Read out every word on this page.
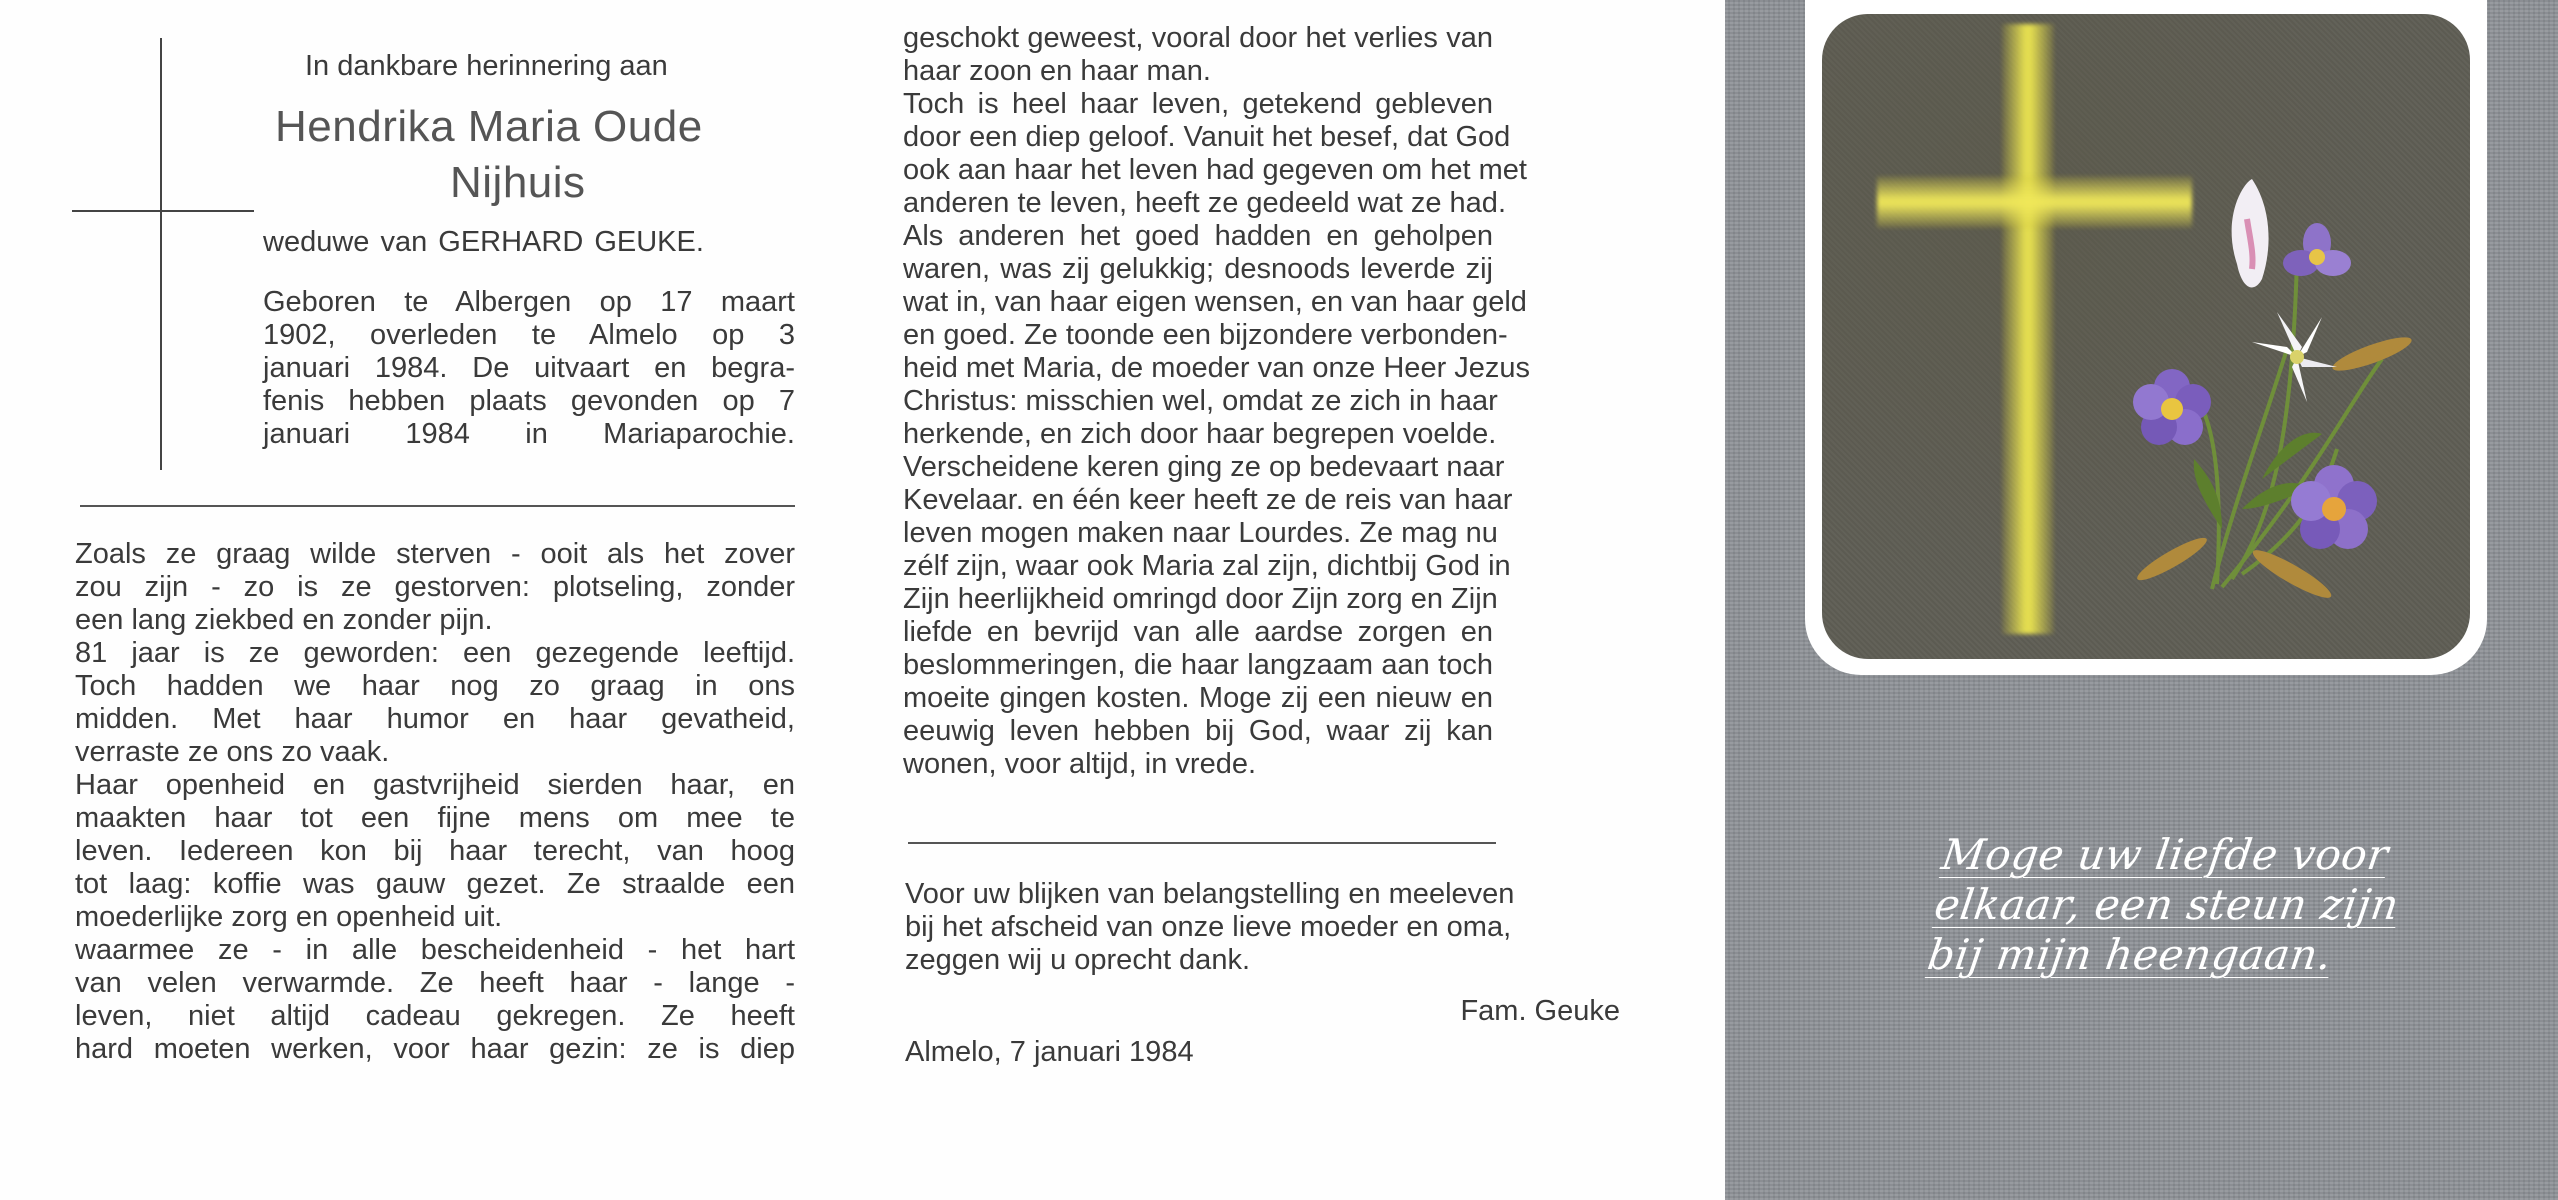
In dankbare herinnering aan
Hendrika Maria Oude
Nijhuis
weduwe van GERHARD GEUKE.
Geboren te Albergen op 17 maart
1902, overleden te Almelo op 3
januari 1984. De uitvaart en begra-
fenis hebben plaats gevonden op 7
januari 1984 in Mariaparochie.
Zoals ze graag wilde sterven - ooit als het zover
zou zijn - zo is ze gestorven: plotseling, zonder
een lang ziekbed en zonder pijn.
81 jaar is ze geworden: een gezegende leeftijd.
Toch hadden we haar nog zo graag in ons
midden. Met haar humor en haar gevatheid,
verraste ze ons zo vaak.
Haar openheid en gastvrijheid sierden haar, en
maakten haar tot een fijne mens om mee te
leven. Iedereen kon bij haar terecht, van hoog
tot laag: koffie was gauw gezet. Ze straalde een
moederlijke zorg en openheid uit.
waarmee ze - in alle bescheidenheid - het hart
van velen verwarmde. Ze heeft haar - lange -
leven, niet altijd cadeau gekregen. Ze heeft
hard moeten werken, voor haar gezin: ze is diep
geschokt geweest, vooral door het verlies van
haar zoon en haar man.
Toch is heel haar leven, getekend gebleven
door een diep geloof. Vanuit het besef, dat God
ook aan haar het leven had gegeven om het met
anderen te leven, heeft ze gedeeld wat ze had.
Als anderen het goed hadden en geholpen
waren, was zij gelukkig; desnoods leverde zij
wat in, van haar eigen wensen, en van haar geld
en goed. Ze toonde een bijzondere verbonden-
heid met Maria, de moeder van onze Heer Jezus
Christus: misschien wel, omdat ze zich in haar
herkende, en zich door haar begrepen voelde.
Verscheidene keren ging ze op bedevaart naar
Kevelaar. en één keer heeft ze de reis van haar
leven mogen maken naar Lourdes. Ze mag nu
zélf zijn, waar ook Maria zal zijn, dichtbij God in
Zijn heerlijkheid omringd door Zijn zorg en Zijn
liefde en bevrijd van alle aardse zorgen en
beslommeringen, die haar langzaam aan toch
moeite gingen kosten. Moge zij een nieuw en
eeuwig leven hebben bij God, waar zij kan
wonen, voor altijd, in vrede.
Voor uw blijken van belangstelling en meeleven
bij het afscheid van onze lieve moeder en oma,
zeggen wij u oprecht dank.
Fam. Geuke
Almelo, 7 januari 1984
Moge uw liefde voor
elkaar, een steun zijn
bij mijn heengaan.
